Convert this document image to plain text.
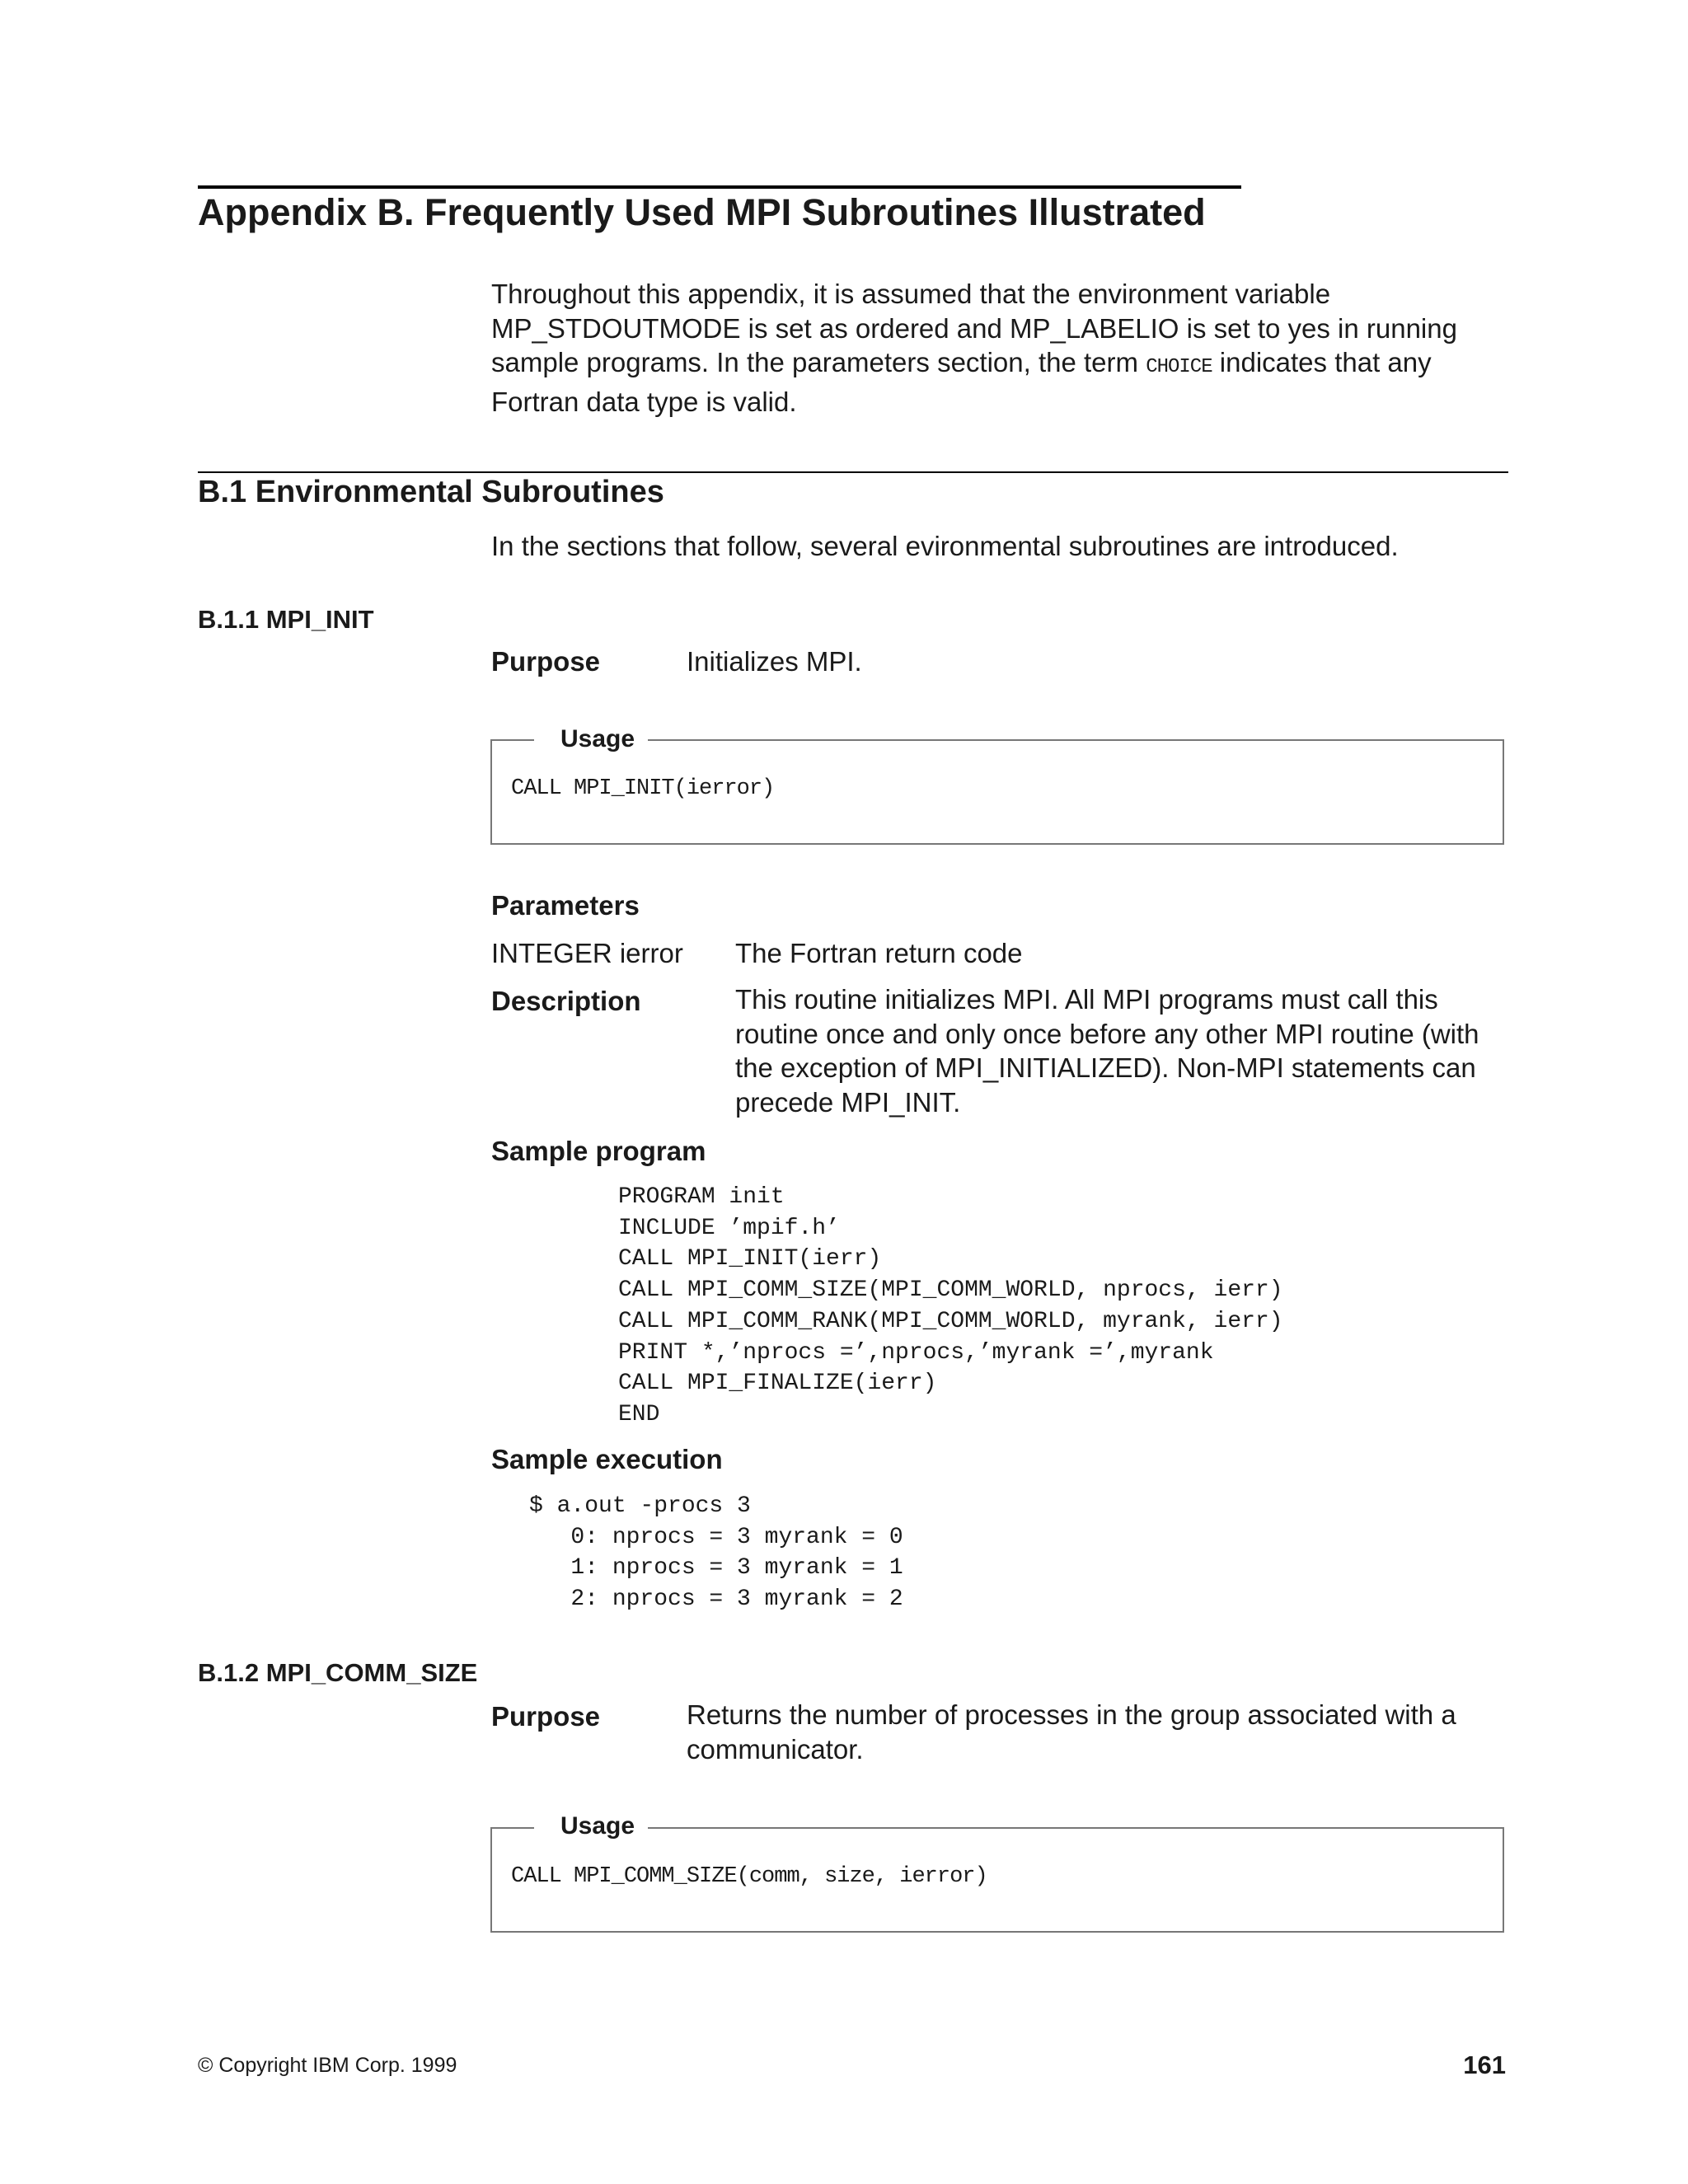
Appendix B. Frequently Used MPI Subroutines Illustrated
Throughout this appendix, it is assumed that the environment variable MP_STDOUTMODE is set as ordered and MP_LABELIO is set to yes in running sample programs. In the parameters section, the term CHOICE indicates that any Fortran data type is valid.
B.1 Environmental Subroutines
In the sections that follow, several evironmental subroutines are introduced.
B.1.1 MPI_INIT
Purpose	Initializes MPI.
Usage
CALL MPI_INIT(ierror)
Parameters
INTEGER ierror The Fortran return code
Description	This routine initializes MPI. All MPI programs must call this routine once and only once before any other MPI routine (with the exception of MPI_INITIALIZED). Non-MPI statements can precede MPI_INIT.
Sample program
PROGRAM init
INCLUDE ’mpif.h’
CALL MPI_INIT(ierr)
CALL MPI_COMM_SIZE(MPI_COMM_WORLD, nprocs, ierr)
CALL MPI_COMM_RANK(MPI_COMM_WORLD, myrank, ierr)
PRINT *,’nprocs =’,nprocs,’myrank =’,myrank
CALL MPI_FINALIZE(ierr)
END
Sample execution
$ a.out -procs 3
0: nprocs = 3 myrank = 0
1: nprocs = 3 myrank = 1
2: nprocs = 3 myrank = 2
B.1.2 MPI_COMM_SIZE
Purpose	Returns the number of processes in the group associated with a communicator.
Usage
CALL MPI_COMM_SIZE(comm, size, ierror)
© Copyright IBM Corp. 1999	161
